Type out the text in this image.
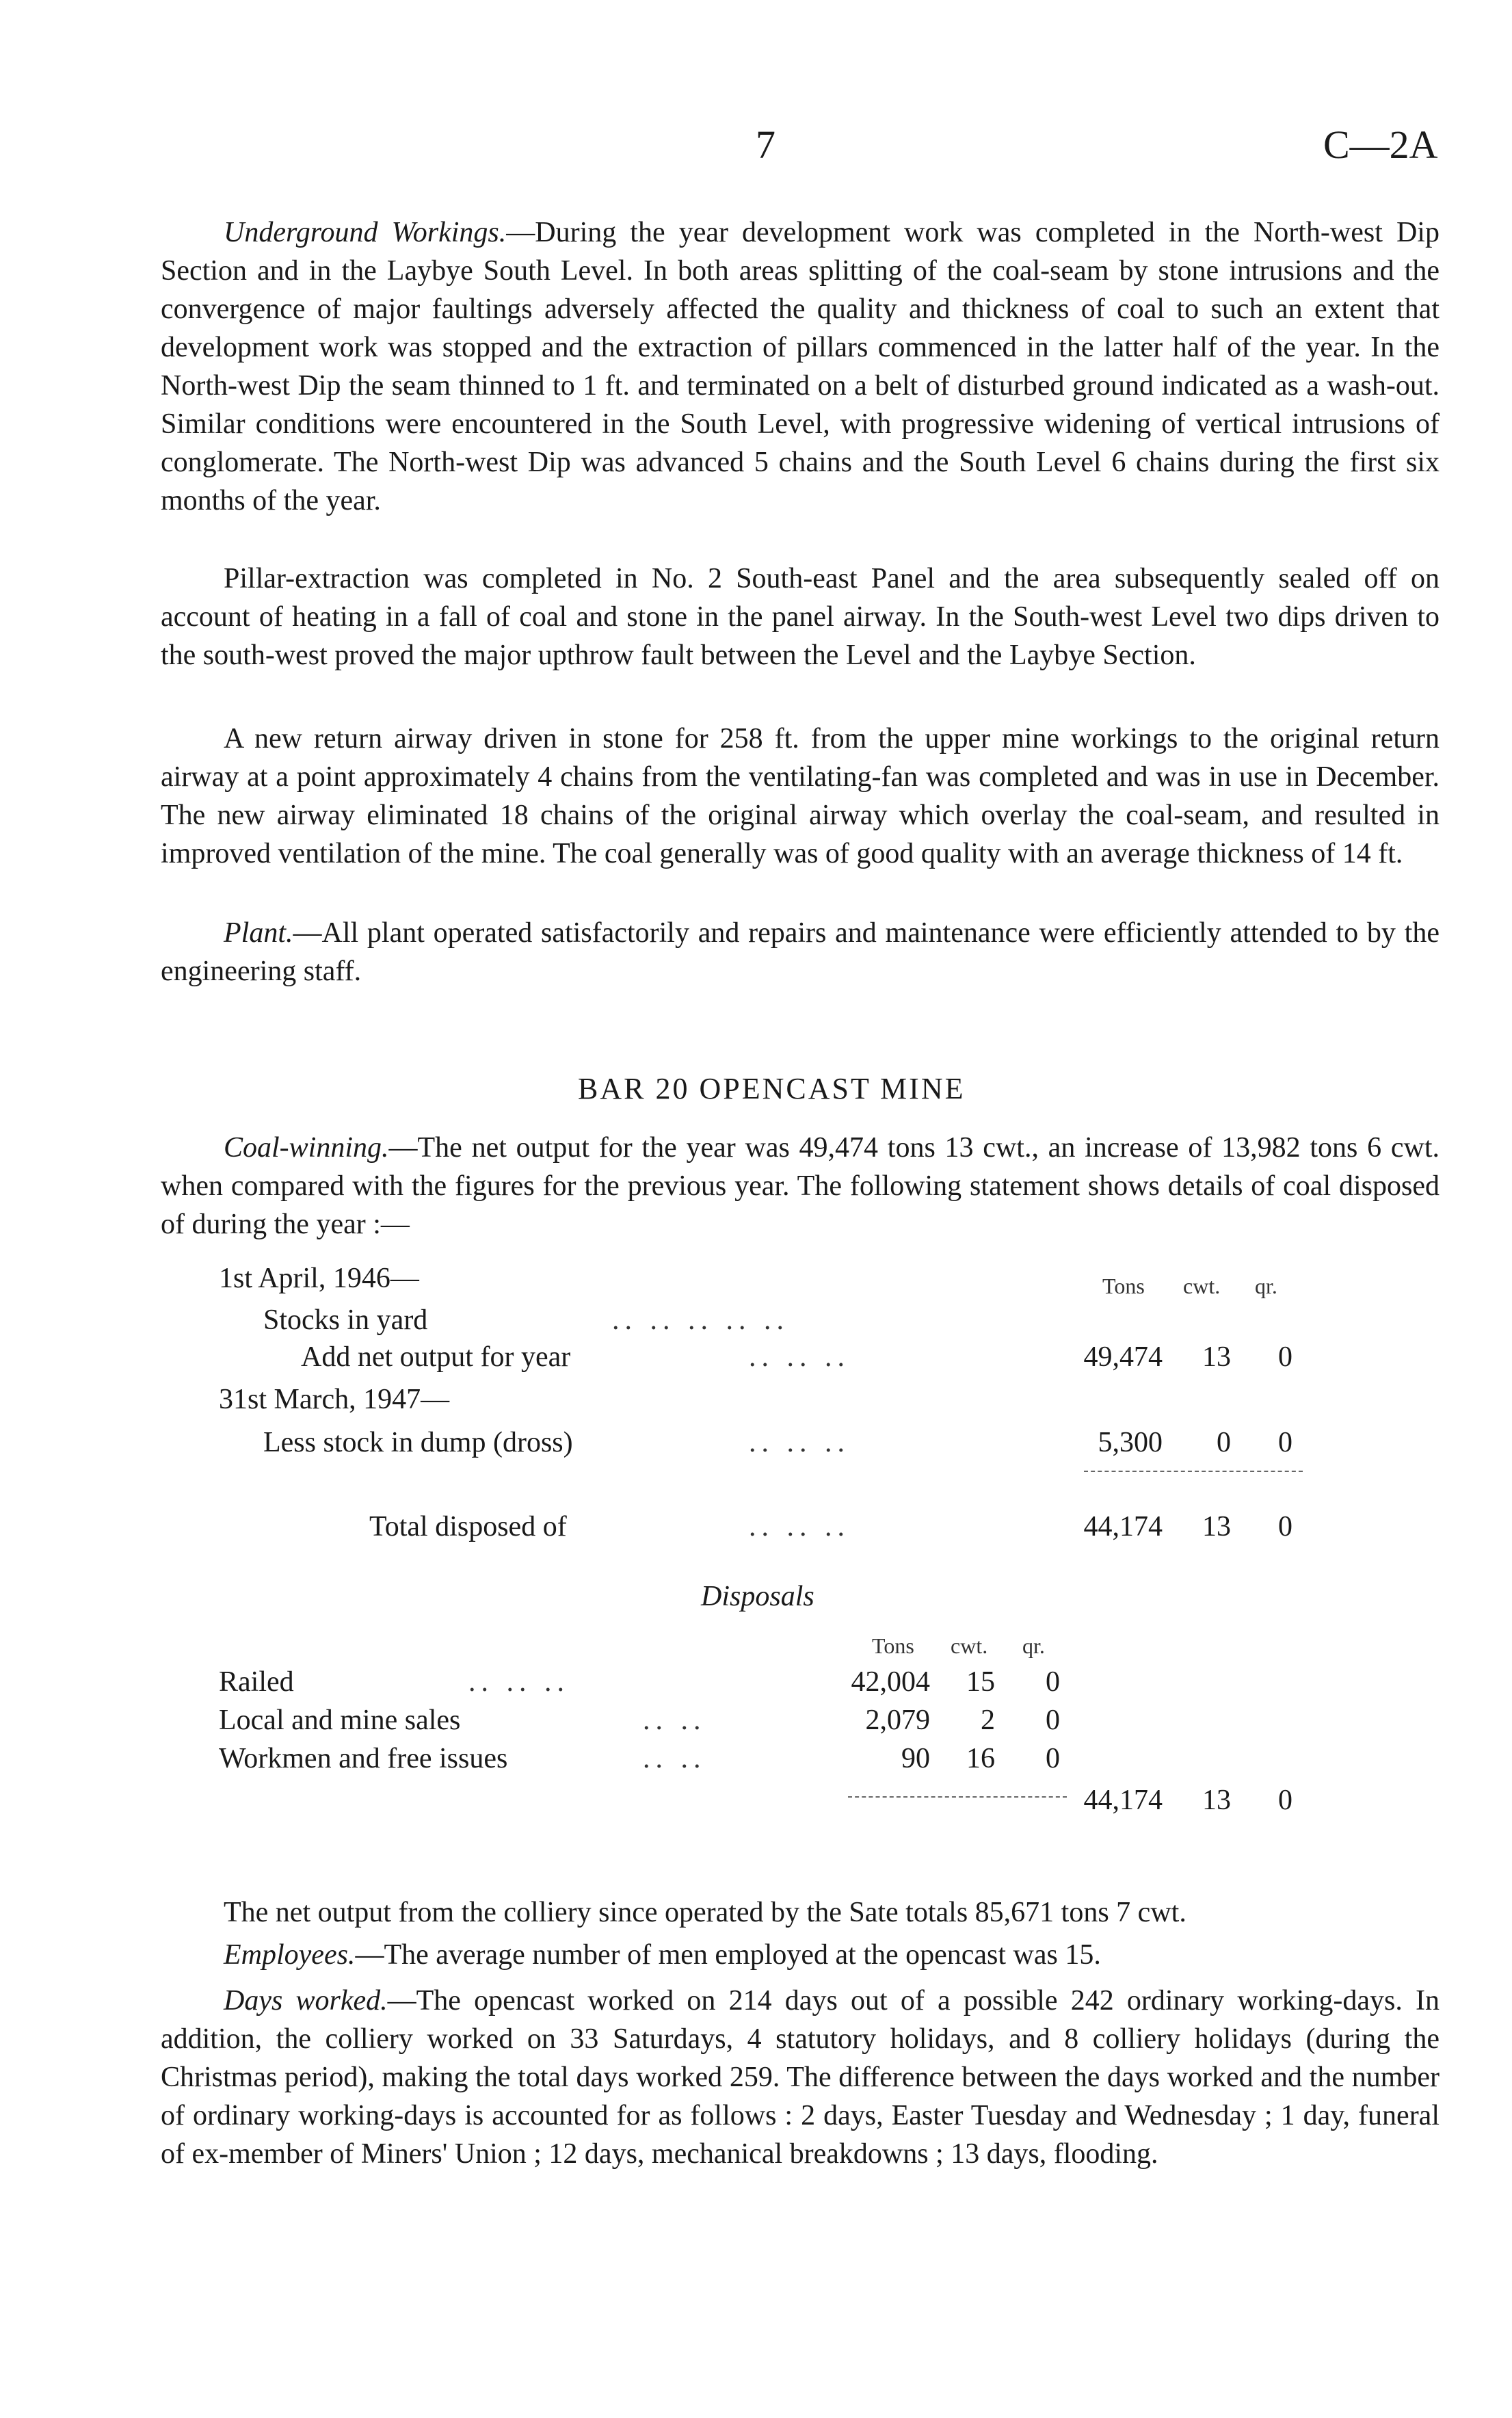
7	C—2A
Underground Workings.—During the year development work was completed in the North-west Dip Section and in the Laybye South Level. In both areas splitting of the coal-seam by stone intrusions and the convergence of major faultings adversely affected the quality and thickness of coal to such an extent that development work was stopped and the extraction of pillars commenced in the latter half of the year. In the North-west Dip the seam thinned to 1 ft. and terminated on a belt of disturbed ground indicated as a wash-out. Similar conditions were encountered in the South Level, with progressive widening of vertical intrusions of conglomerate. The North-west Dip was advanced 5 chains and the South Level 6 chains during the first six months of the year.
Pillar-extraction was completed in No. 2 South-east Panel and the area subsequently sealed off on account of heating in a fall of coal and stone in the panel airway. In the South-west Level two dips driven to the south-west proved the major upthrow fault between the Level and the Laybye Section.
A new return airway driven in stone for 258 ft. from the upper mine workings to the original return airway at a point approximately 4 chains from the ventilating-fan was completed and was in use in December. The new airway eliminated 18 chains of the original airway which overlay the coal-seam, and resulted in improved ventilation of the mine. The coal generally was of good quality with an average thickness of 14 ft.
Plant.—All plant operated satisfactorily and repairs and maintenance were efficiently attended to by the engineering staff.
BAR 20 OPENCAST MINE
Coal-winning.—The net output for the year was 49,474 tons 13 cwt., an increase of 13,982 tons 6 cwt. when compared with the figures for the previous year. The following statement shows details of coal disposed of during the year :—
Tons cwt. qr.
1st April, 1946—
Stocks in yard	.. .. .. .. ..
Add net output for year	.. .. ..	49,474	13	0
31st March, 1947—
Less stock in dump (dross)	.. .. ..	5,300	0	0
Total disposed of	.. .. ..	44,174	13	0
Disposals
Tons cwt. qr.
Railed	.. .. ..	42,004	15	0
Local and mine sales	.. ..	2,079	2	0
Workmen and free issues	.. ..	90	16	0
44,174	13	0
The net output from the colliery since operated by the Sate totals 85,671 tons 7 cwt.
Employees.—The average number of men employed at the opencast was 15.
Days worked.—The opencast worked on 214 days out of a possible 242 ordinary working-days. In addition, the colliery worked on 33 Saturdays, 4 statutory holidays, and 8 colliery holidays (during the Christmas period), making the total days worked 259. The difference between the days worked and the number of ordinary working-days is accounted for as follows : 2 days, Easter Tuesday and Wednesday ; 1 day, funeral of ex-member of Miners' Union ; 12 days, mechanical breakdowns ; 13 days, flooding.
